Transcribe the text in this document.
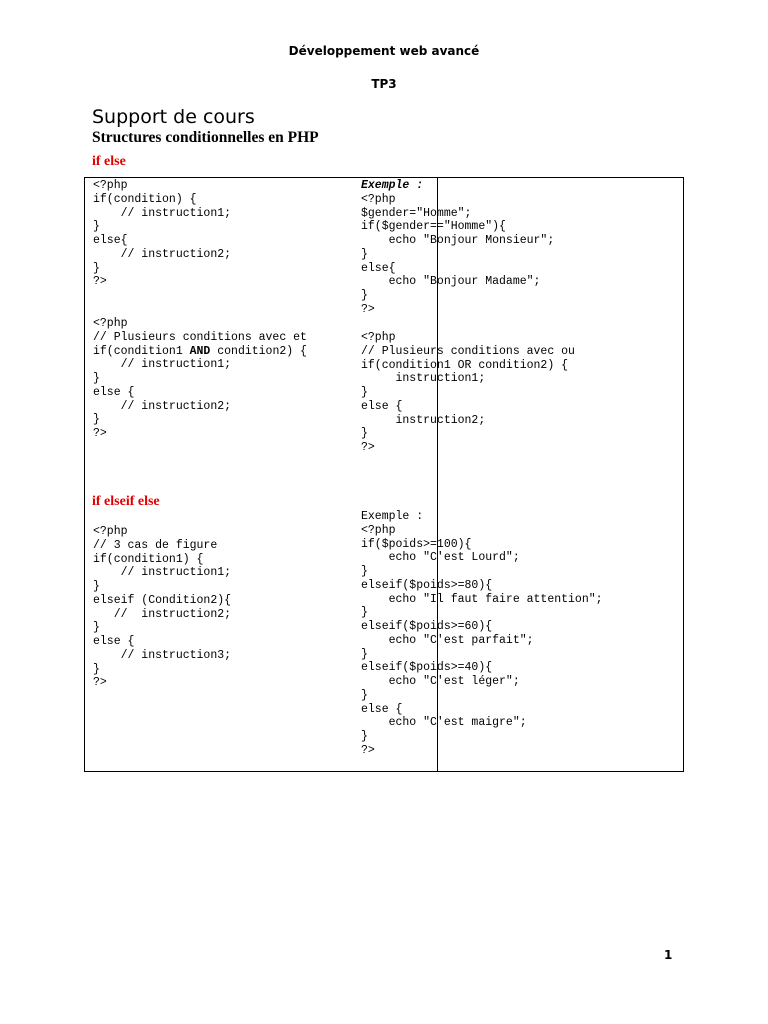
Développement web avancé
TP3
Support de cours
Structures conditionnelles en PHP
if else
<?php
if(condition) {
// instruction1;
}
else{
// instruction2;
}
?>
<?php
// Plusieurs conditions avec et
if(condition1 AND condition2) {
// instruction1;
}
else {
// instruction2;
}
?>
if elseif else
<?php
// 3 cas de figure
if(condition1) {
// instruction1;
}
elseif (Condition2){
//  instruction2;
}
else {
// instruction3;
}
?>
Exemple :
<?php
$gender="Homme";
if($gender=="Homme"){
echo "Bonjour Monsieur";
}
else{
echo "Bonjour Madame";
}
?>
<?php
// Plusieurs conditions avec ou
if(condition1 OR condition2) {
instruction1;
}
else {
instruction2;
}
?>
Exemple :
<?php
if($poids>=100){
echo "C'est Lourd";
}
elseif($poids>=80){
echo "Il faut faire attention";
}
elseif($poids>=60){
echo "C'est parfait";
}
elseif($poids>=40){
echo "C'est léger";
}
else {
echo "C'est maigre";
}
?>
1
